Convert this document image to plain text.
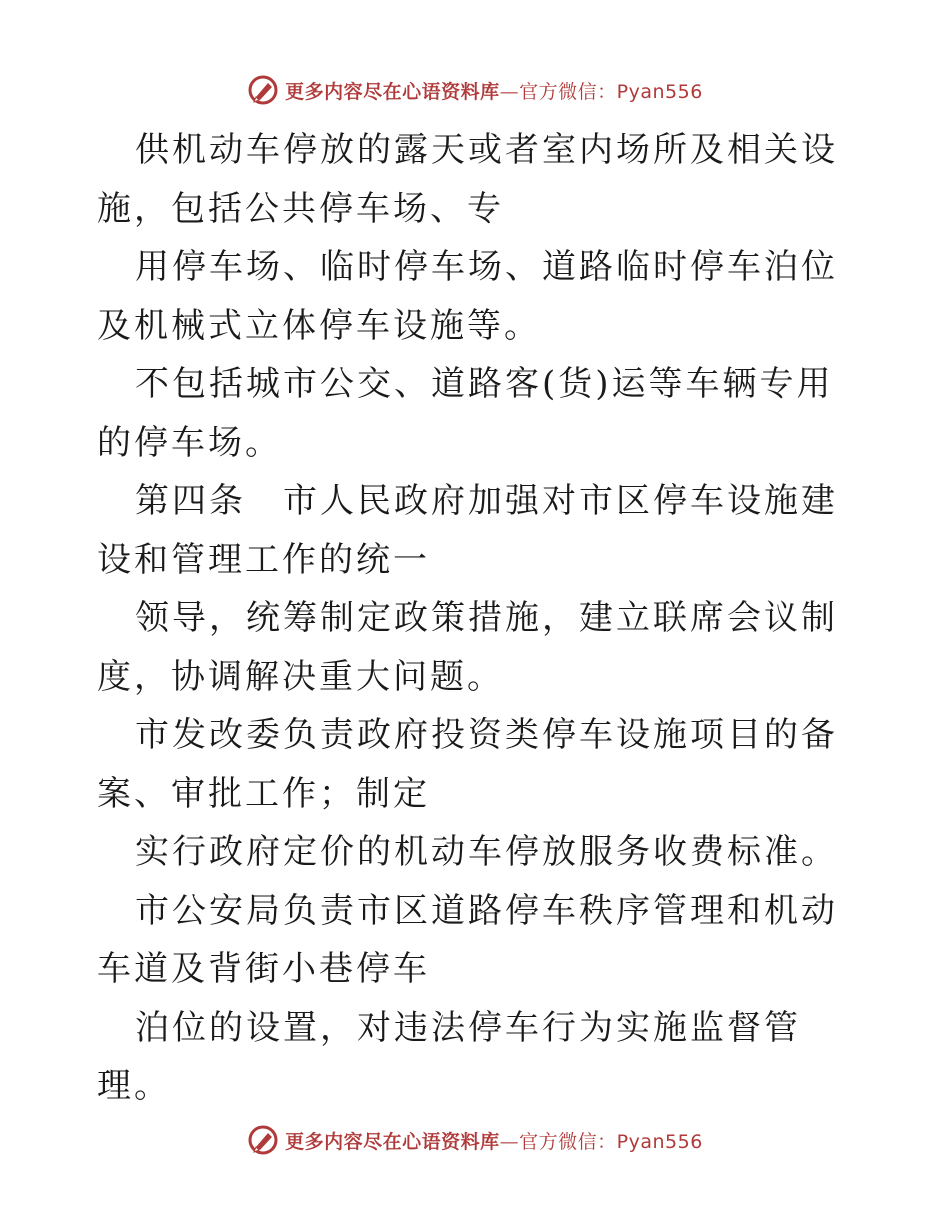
更多内容尽在心语资料库—官方微信：Pyan556

供机动车停放的露天或者室内场所及相关设施，包括公共停车场、专

用停车场、临时停车场、道路临时停车泊位及机械式立体停车设施等。

不包括城市公交、道路客(货)运等车辆专用的停车场。

第四条　市人民政府加强对市区停车设施建设和管理工作的统一

领导，统筹制定政策措施，建立联席会议制度，协调解决重大问题。

市发改委负责政府投资类停车设施项目的备案、审批工作；制定

实行政府定价的机动车停放服务收费标准。

市公安局负责市区道路停车秩序管理和机动车道及背街小巷停车

泊位的设置，对违法停车行为实施监督管理。

更多内容尽在心语资料库—官方微信：Pyan556
